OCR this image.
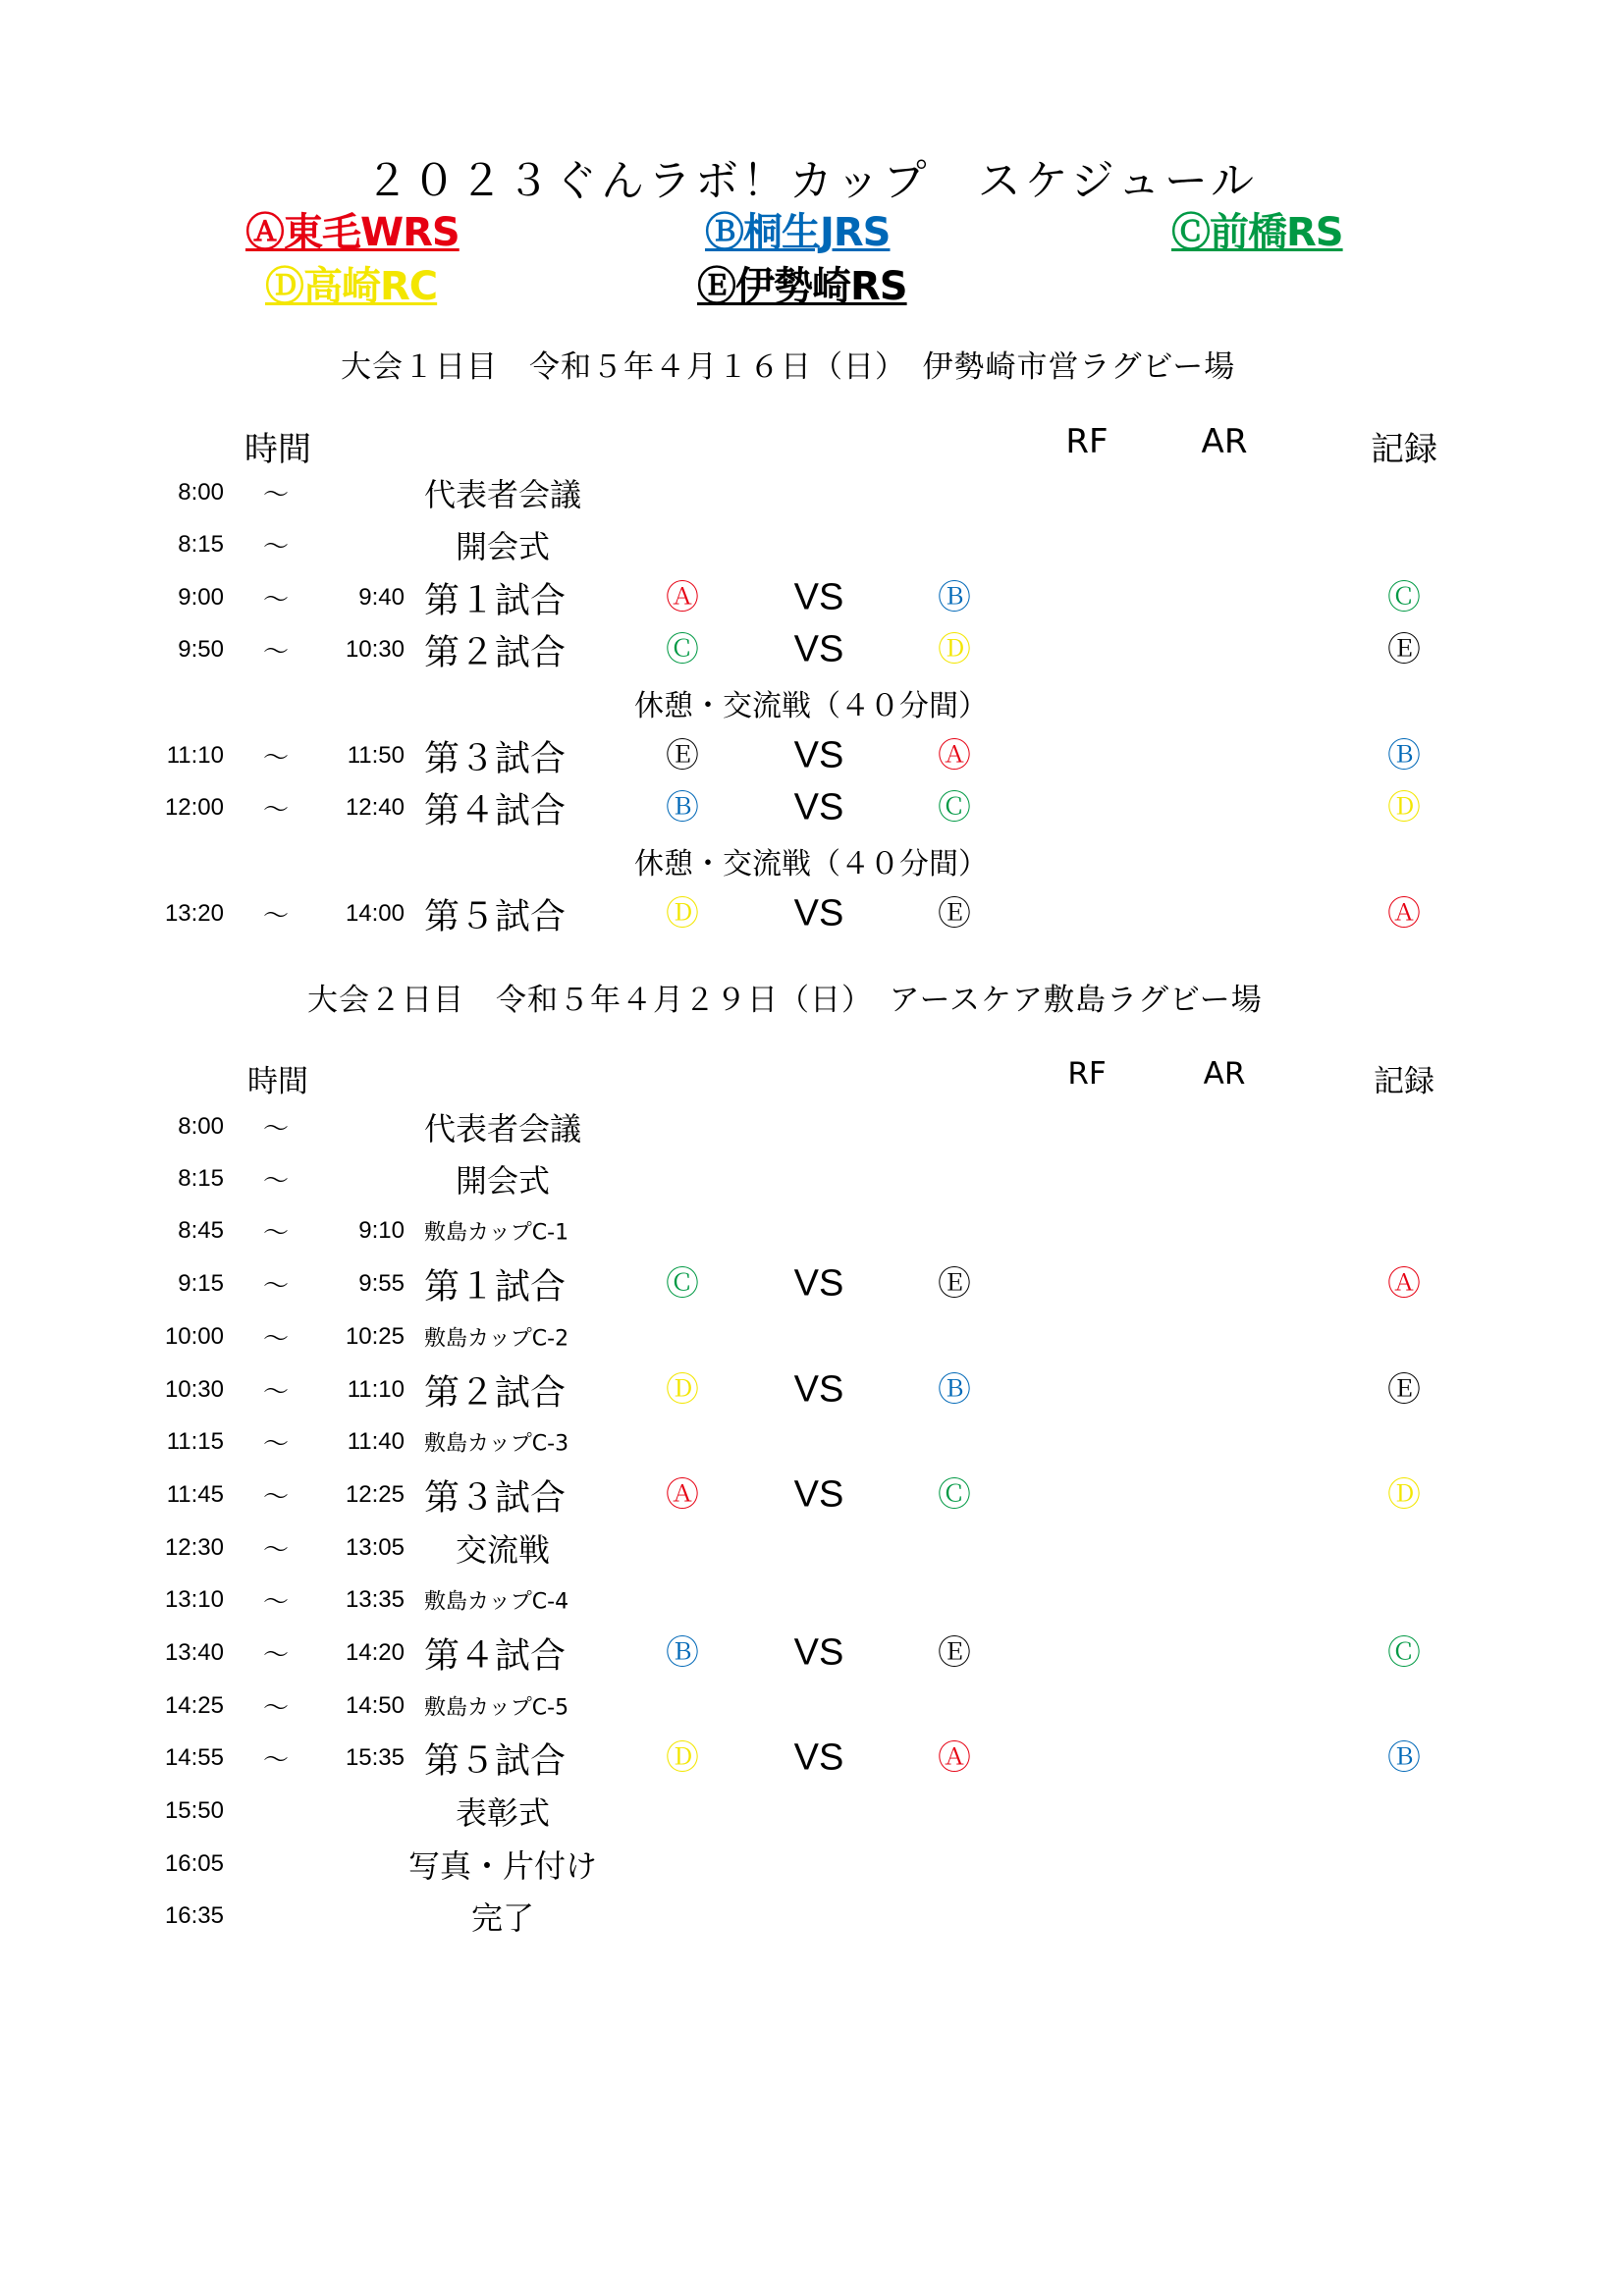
２０２３ぐんラボ！カップ　スケジュール
Ⓐ東毛WRS	Ⓑ桐生JRS	Ⓒ前橋RS
Ⓓ高崎RC	Ⓔ伊勢崎RS
大会１日目　令和５年４月１６日（日）　伊勢崎市営ラグビー場
時間	RF	AR	記録
8:00 ～	代表者会議
8:15 ～	開会式
9:00 ～	9:40 第１試合	Ⓐ	VS	Ⓑ	Ⓒ
9:50 ～ 10:30 第２試合	Ⓒ	VS	Ⓓ	Ⓔ
休憩・交流戦（４０分間）
11:10 ～ 11:50 第３試合	Ⓔ	VS	Ⓐ	Ⓑ
12:00 ～ 12:40 第４試合	Ⓑ	VS	Ⓒ	Ⓓ
休憩・交流戦（４０分間）
13:20 ～ 14:00 第５試合	Ⓓ	VS	Ⓔ	Ⓐ
大会２日目　令和５年４月２９日（日）　アースケア敷島ラグビー場
時間	RF	AR	記録
8:00 ～	代表者会議
8:15 ～	開会式
8:45 ～	9:10 敷島カップC-1
9:15 ～	9:55 第１試合	Ⓒ	VS	Ⓔ	Ⓐ
10:00 ～ 10:25 敷島カップC-2
10:30 ～ 11:10 第２試合	Ⓓ	VS	Ⓑ	Ⓔ
11:15 ～ 11:40 敷島カップC-3
11:45 ～ 12:25 第３試合	Ⓐ	VS	Ⓒ	Ⓓ
12:30 ～ 13:05 交流戦
13:10 ～ 13:35 敷島カップC-4
13:40 ～ 14:20 第４試合	Ⓑ	VS	Ⓔ	Ⓒ
14:25 ～ 14:50 敷島カップC-5
14:55 ～ 15:35 第５試合	Ⓓ	VS	Ⓐ	Ⓑ
15:50	表彰式
16:05	写真・片付け
16:35	完了
